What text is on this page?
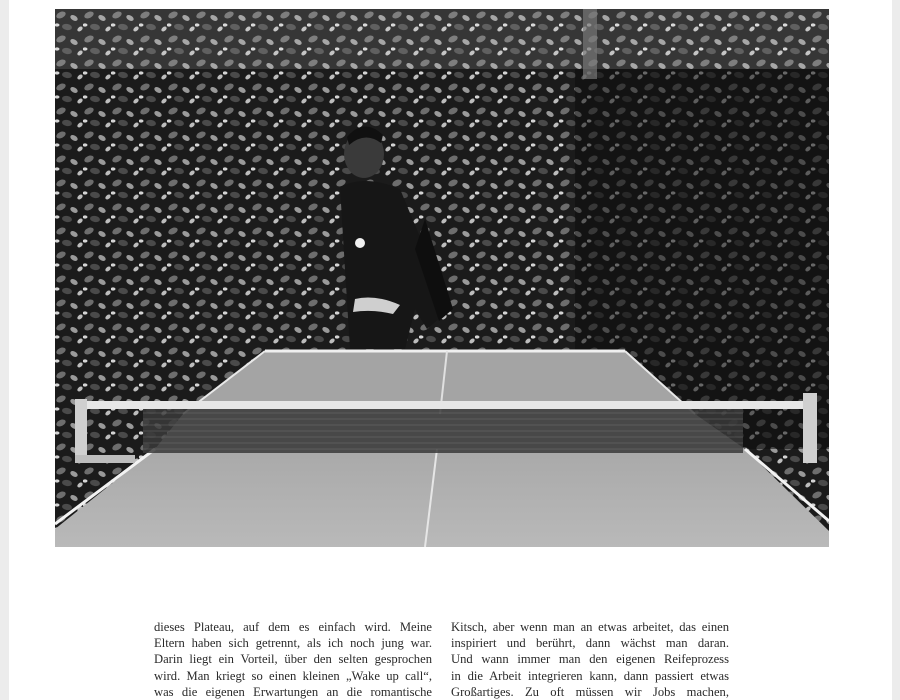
dieses Plateau, auf dem es einfach wird. Meine
Eltern haben sich getrennt, als ich noch jung war.
Darin liegt ein Vorteil, über den selten gesprochen
wird. Man kriegt so einen kleinen „Wake up call“,
was die eigenen Erwartungen an die romantische
Kitsch, aber wenn man an etwas arbeitet, das einen
inspiriert und berührt, dann wächst man daran.
Und wann immer man den eigenen Reifeprozess
in die Arbeit integrieren kann, dann passiert etwas
Großartiges. Zu oft müssen wir Jobs machen,
